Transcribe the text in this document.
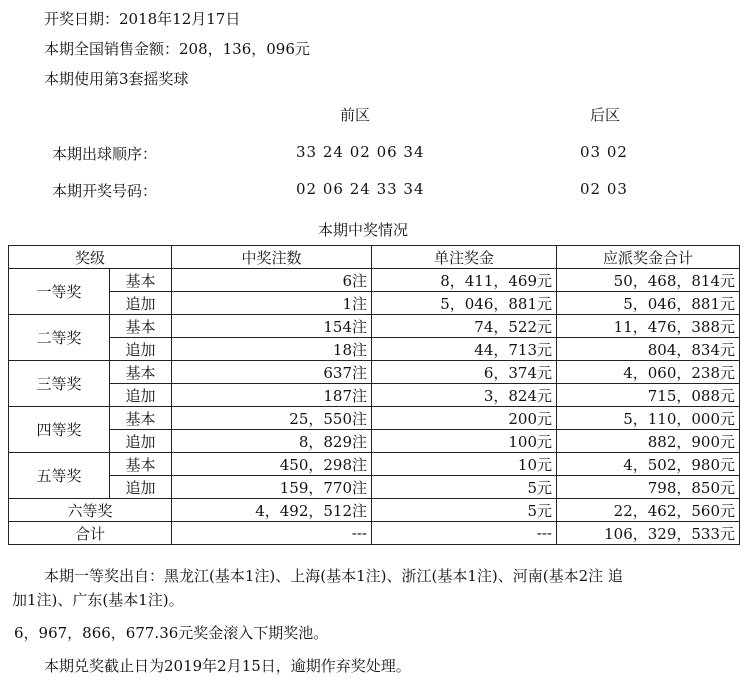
开奖日期：2018年12月17日
本期全国销售金额：208，136，096元
本期使用第3套摇奖球
前区	后区
本期出球顺序：	33 24 02 06 34	03 02
本期开奖号码：	02 06 24 33 34	02 03
本期中奖情况
奖级		中奖注数	单注奖金	应派奖金合计
一等奖	基本	6注	8，411，469元	50，468，814元
	追加	1注	5，046，881元	5，046，881元
二等奖	基本	154注	74，522元	11，476，388元
	追加	18注	44，713元	804，834元
三等奖	基本	637注	6，374元	4，060，238元
	追加	187注	3，824元	715，088元
四等奖	基本	25，550注	200元	5，110，000元
	追加	8，829注	100元	882，900元
五等奖	基本	450，298注	10元	4，502，980元
	追加	159，770注	5元	798，850元
六等奖		4，492，512注	5元	22，462，560元
合计		---	---	106，329，533元
本期一等奖出自：黑龙江(基本1注)、上海(基本1注)、浙江(基本1注)、河南(基本2注 追
加1注)、广东(基本1注)。
6，967，866，677.36元奖金滚入下期奖池。
本期兑奖截止日为2019年2月15日，逾期作弃奖处理。
